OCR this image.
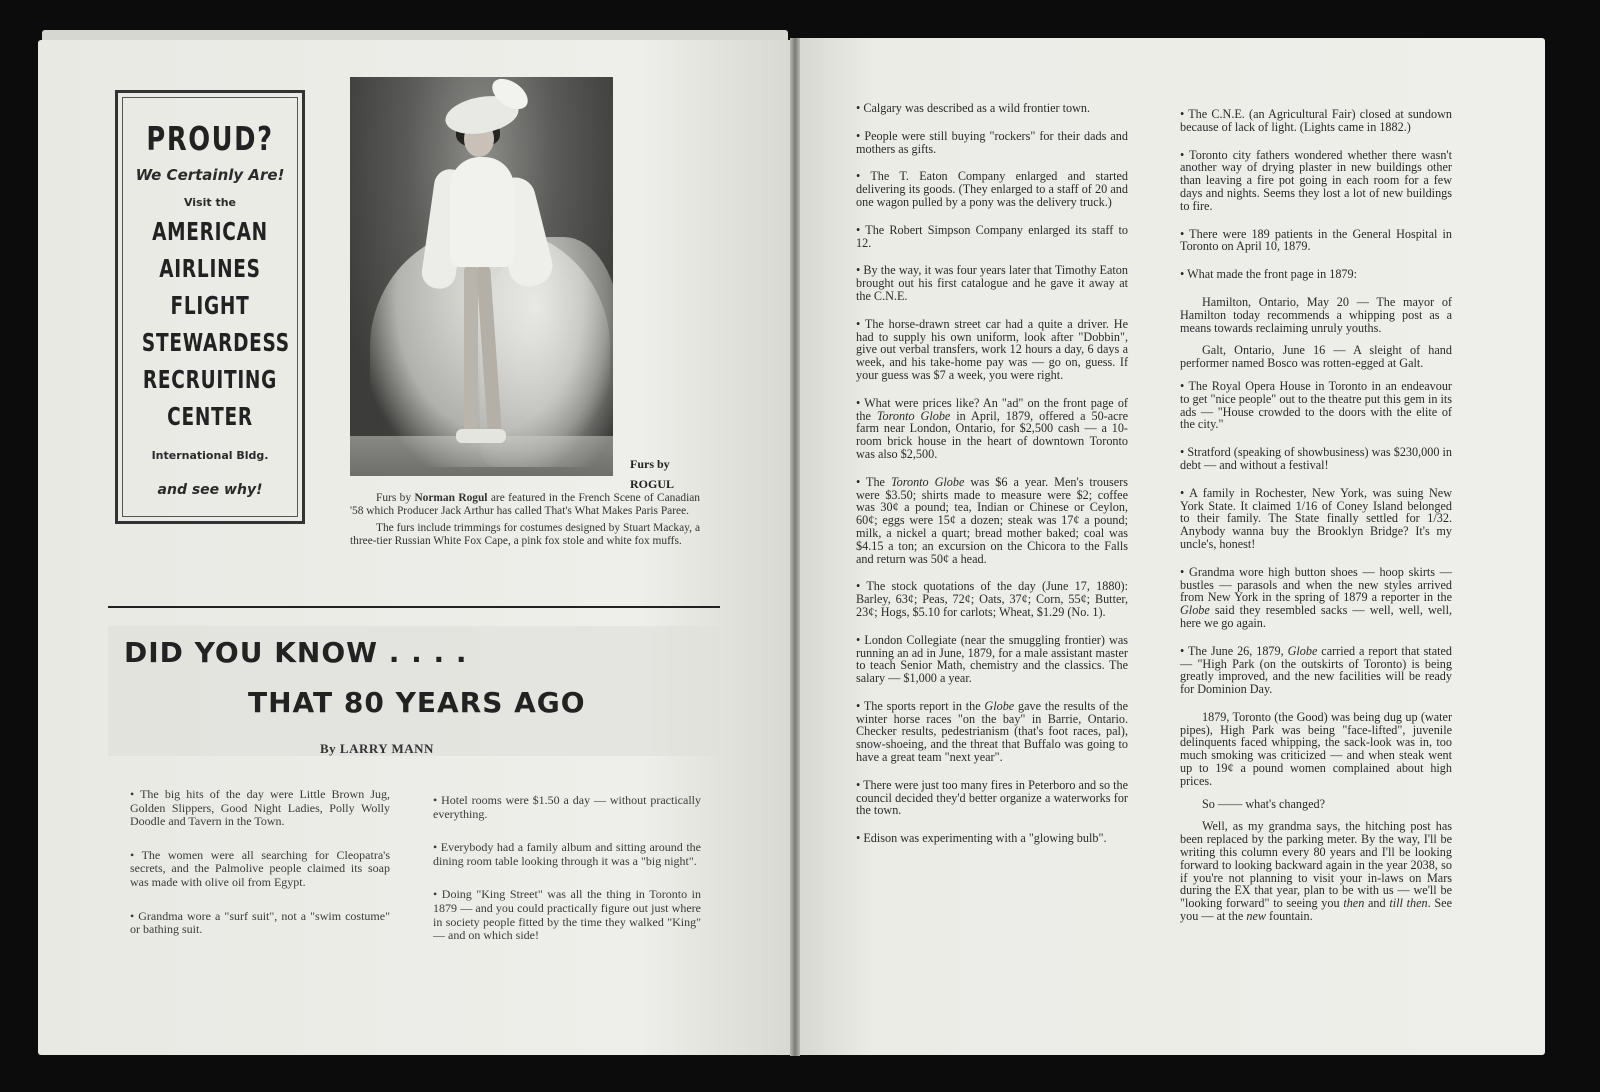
PROUD?
We Certainly Are!
Visit the
AMERICAN
AIRLINES
FLIGHT
STEWARDESS
RECRUITING
CENTER
International Bldg.
and see why!
Furs by
ROGUL

Furs by Norman Rogul are featured in the French Scene of Canadian '58 which Producer Jack Arthur has called That's What Makes Paris Paree.

The furs include trimmings for costumes designed by Stuart Mackay, a three-tier Russian White Fox Cape, a pink fox stole and white fox muffs.

DID YOU KNOW . . . .
THAT 80 YEARS AGO
By LARRY MANN

• The big hits of the day were Little Brown Jug, Golden Slippers, Good Night Ladies, Polly Wolly Doodle and Tavern in the Town.

• The women were all searching for Cleopatra's secrets, and the Palmolive people claimed its soap was made with olive oil from Egypt.

• Grandma wore a "surf suit", not a "swim costume" or bathing suit.

• Hotel rooms were $1.50 a day — without practically everything.

• Everybody had a family album and sitting around the dining room table looking through it was a "big night".

• Doing "King Street" was all the thing in Toronto in 1879 — and you could practically figure out just where in society people fitted by the time they walked "King" — and on which side!

• Calgary was described as a wild frontier town.

• People were still buying "rockers" for their dads and mothers as gifts.

• The T. Eaton Company enlarged and started delivering its goods. (They enlarged to a staff of 20 and one wagon pulled by a pony was the delivery truck.)

• The Robert Simpson Company enlarged its staff to 12.

• By the way, it was four years later that Timothy Eaton brought out his first catalogue and he gave it away at the C.N.E.

• The horse-drawn street car had a quite a driver. He had to supply his own uniform, look after "Dobbin", give out verbal transfers, work 12 hours a day, 6 days a week, and his take-home pay was — go on, guess. If your guess was $7 a week, you were right.

• What were prices like? An "ad" on the front page of the Toronto Globe in April, 1879, offered a 50-acre farm near London, Ontario, for $2,500 cash — a 10-room brick house in the heart of downtown Toronto was also $2,500.

• The Toronto Globe was $6 a year. Men's trousers were $3.50; shirts made to measure were $2; coffee was 30¢ a pound; tea, Indian or Chinese or Ceylon, 60¢; eggs were 15¢ a dozen; steak was 17¢ a pound; milk, a nickel a quart; bread mother baked; coal was $4.15 a ton; an excursion on the Chicora to the Falls and return was 50¢ a head.

• The stock quotations of the day (June 17, 1880): Barley, 63¢; Peas, 72¢; Oats, 37¢; Corn, 55¢; Butter, 23¢; Hogs, $5.10 for carlots; Wheat, $1.29 (No. 1).

• London Collegiate (near the smuggling frontier) was running an ad in June, 1879, for a male assistant master to teach Senior Math, chemistry and the classics. The salary — $1,000 a year.

• The sports report in the Globe gave the results of the winter horse races "on the bay" in Barrie, Ontario. Checker results, pedestrianism (that's foot races, pal), snow-shoeing, and the threat that Buffalo was going to have a great team "next year".

• There were just too many fires in Peterboro and so the council decided they'd better organize a waterworks for the town.

• Edison was experimenting with a "glowing bulb".

• The C.N.E. (an Agricultural Fair) closed at sundown because of lack of light. (Lights came in 1882.)

• Toronto city fathers wondered whether there wasn't another way of drying plaster in new buildings other than leaving a fire pot going in each room for a few days and nights. Seems they lost a lot of new buildings to fire.

• There were 189 patients in the General Hospital in Toronto on April 10, 1879.

• What made the front page in 1879:

Hamilton, Ontario, May 20 — The mayor of Hamilton today recommends a whipping post as a means towards reclaiming unruly youths.

Galt, Ontario, June 16 — A sleight of hand performer named Bosco was rotten-egged at Galt.

• The Royal Opera House in Toronto in an endeavour to get "nice people" out to the theatre put this gem in its ads — "House crowded to the doors with the elite of the city."

• Stratford (speaking of showbusiness) was $230,000 in debt — and without a festival!

• A family in Rochester, New York, was suing New York State. It claimed 1/16 of Coney Island belonged to their family. The State finally settled for 1/32. Anybody wanna buy the Brooklyn Bridge? It's my uncle's, honest!

• Grandma wore high button shoes — hoop skirts — bustles — parasols and when the new styles arrived from New York in the spring of 1879 a reporter in the Globe said they resembled sacks — well, well, well, here we go again.

• The June 26, 1879, Globe carried a report that stated — "High Park (on the outskirts of Toronto) is being greatly improved, and the new facilities will be ready for Dominion Day.

1879, Toronto (the Good) was being dug up (water pipes), High Park was being "face-lifted", juvenile delinquents faced whipping, the sack-look was in, too much smoking was criticized — and when steak went up to 19¢ a pound women complained about high prices.

So —— what's changed?

Well, as my grandma says, the hitching post has been replaced by the parking meter. By the way, I'll be writing this column every 80 years and I'll be looking forward to looking backward again in the year 2038, so if you're not planning to visit your in-laws on Mars during the EX that year, plan to be with us — we'll be "looking forward" to seeing you then and till then. See you — at the new fountain.
